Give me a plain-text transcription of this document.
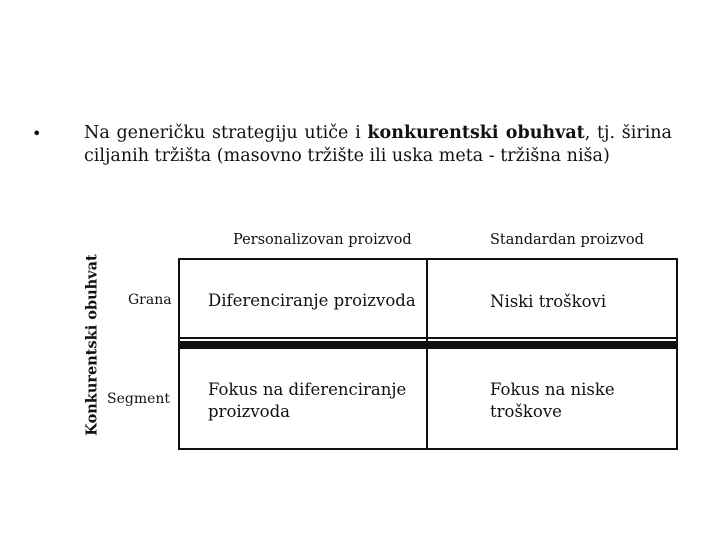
• Na generičku strategiju utiče i konkurentski obuhvat, tj. širina ciljanih tržišta (masovno tržište ili uska meta - tržišna niša)
Konkurentski obuhvat
Personalizovan proizvod	Standardan proizvod
Grana
Segment
Diferenciranje proizvoda	Niski troškovi
Fokus na diferenciranje proizvoda
Fokus na niske troškove
